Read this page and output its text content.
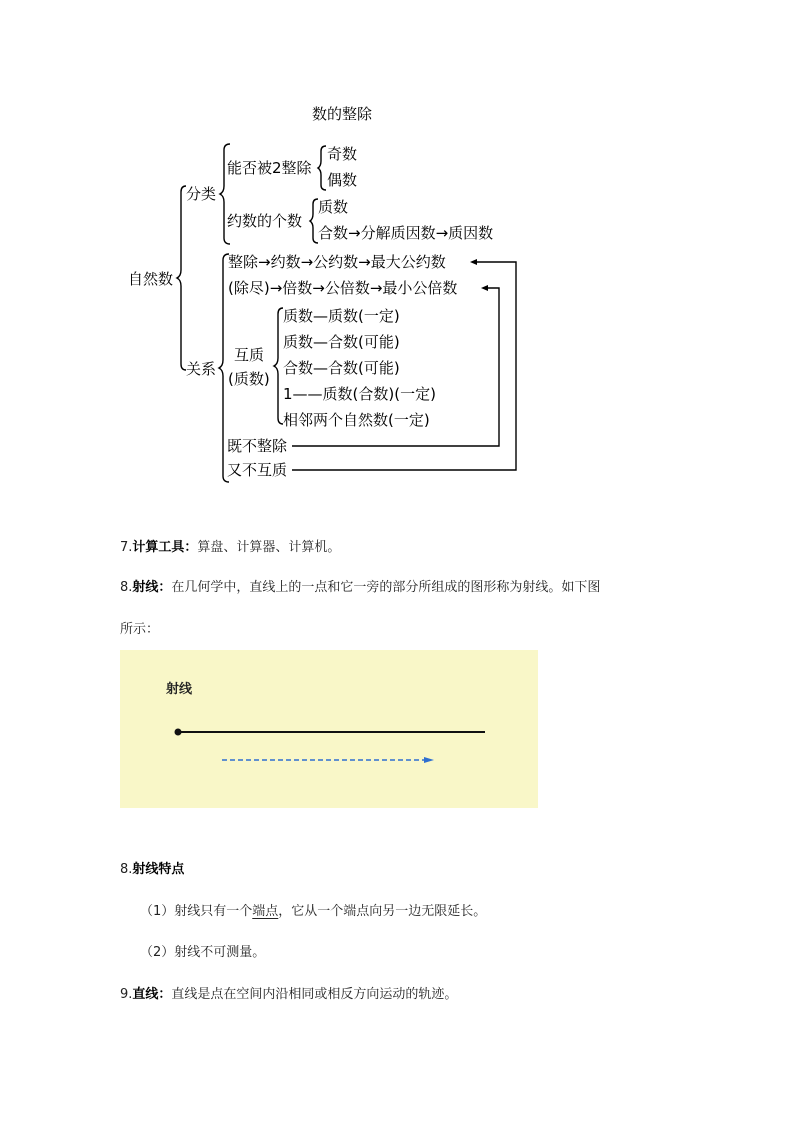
数的整除
自然数
分类
关系
能否被2整除
奇数
偶数
约数的个数
质数
合数→分解质因数→质因数
整除→约数→公约数→最大公约数
(除尽)→倍数→公倍数→最小公倍数
互质
(质数)
质数—质数(一定)
质数—合数(可能)
合数—合数(可能)
1——质数(合数)(一定)
相邻两个自然数(一定)
既不整除
又不互质
7.计算工具：算盘、计算器、计算机。
8.射线：在几何学中，直线上的一点和它一旁的部分所组成的图形称为射线。如下图
所示：
射线
8.射线特点
（1）射线只有一个端点，它从一个端点向另一边无限延长。
（2）射线不可测量。
9.直线：直线是点在空间内沿相同或相反方向运动的轨迹。
